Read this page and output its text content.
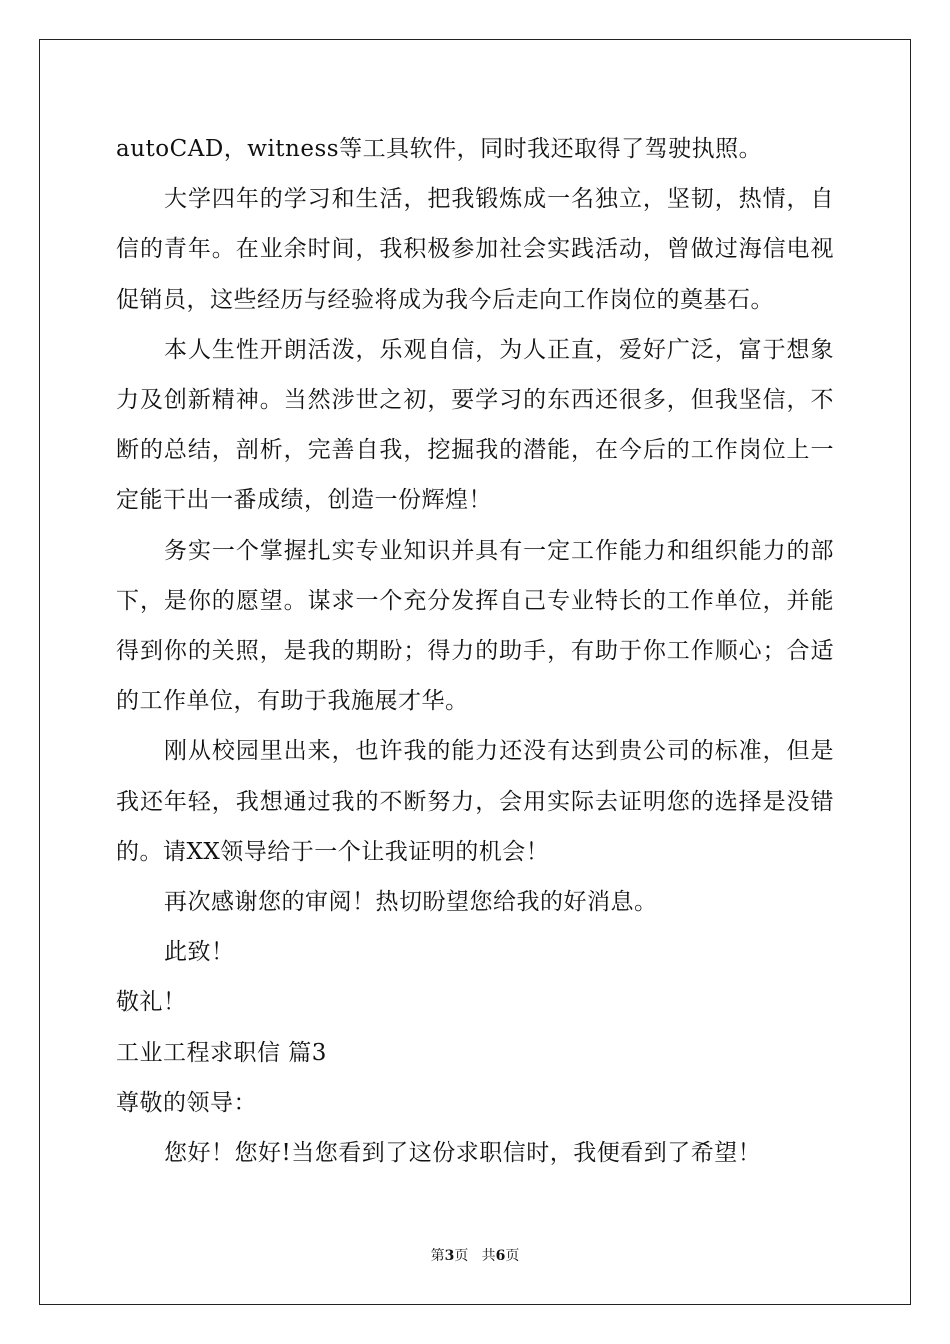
autoCAD，witness等工具软件，同时我还取得了驾驶执照。

大学四年的学习和生活，把我锻炼成一名独立，坚韧，热情，自信的青年。在业余时间，我积极参加社会实践活动，曾做过海信电视促销员，这些经历与经验将成为我今后走向工作岗位的奠基石。

本人生性开朗活泼，乐观自信，为人正直，爱好广泛，富于想象力及创新精神。当然涉世之初，要学习的东西还很多，但我坚信，不断的总结，剖析，完善自我，挖掘我的潜能，在今后的工作岗位上一定能干出一番成绩，创造一份辉煌！

务实一个掌握扎实专业知识并具有一定工作能力和组织能力的部下，是你的愿望。谋求一个充分发挥自己专业特长的工作单位，并能得到你的关照，是我的期盼；得力的助手，有助于你工作顺心；合适的工作单位，有助于我施展才华。

刚从校园里出来，也许我的能力还没有达到贵公司的标准，但是我还年轻，我想通过我的不断努力，会用实际去证明您的选择是没错的。请XX领导给于一个让我证明的机会！

再次感谢您的审阅！热切盼望您给我的好消息。

此致！

敬礼！

工业工程求职信 篇3

尊敬的领导：

您好！您好!当您看到了这份求职信时，我便看到了希望！

第3页 共6页
